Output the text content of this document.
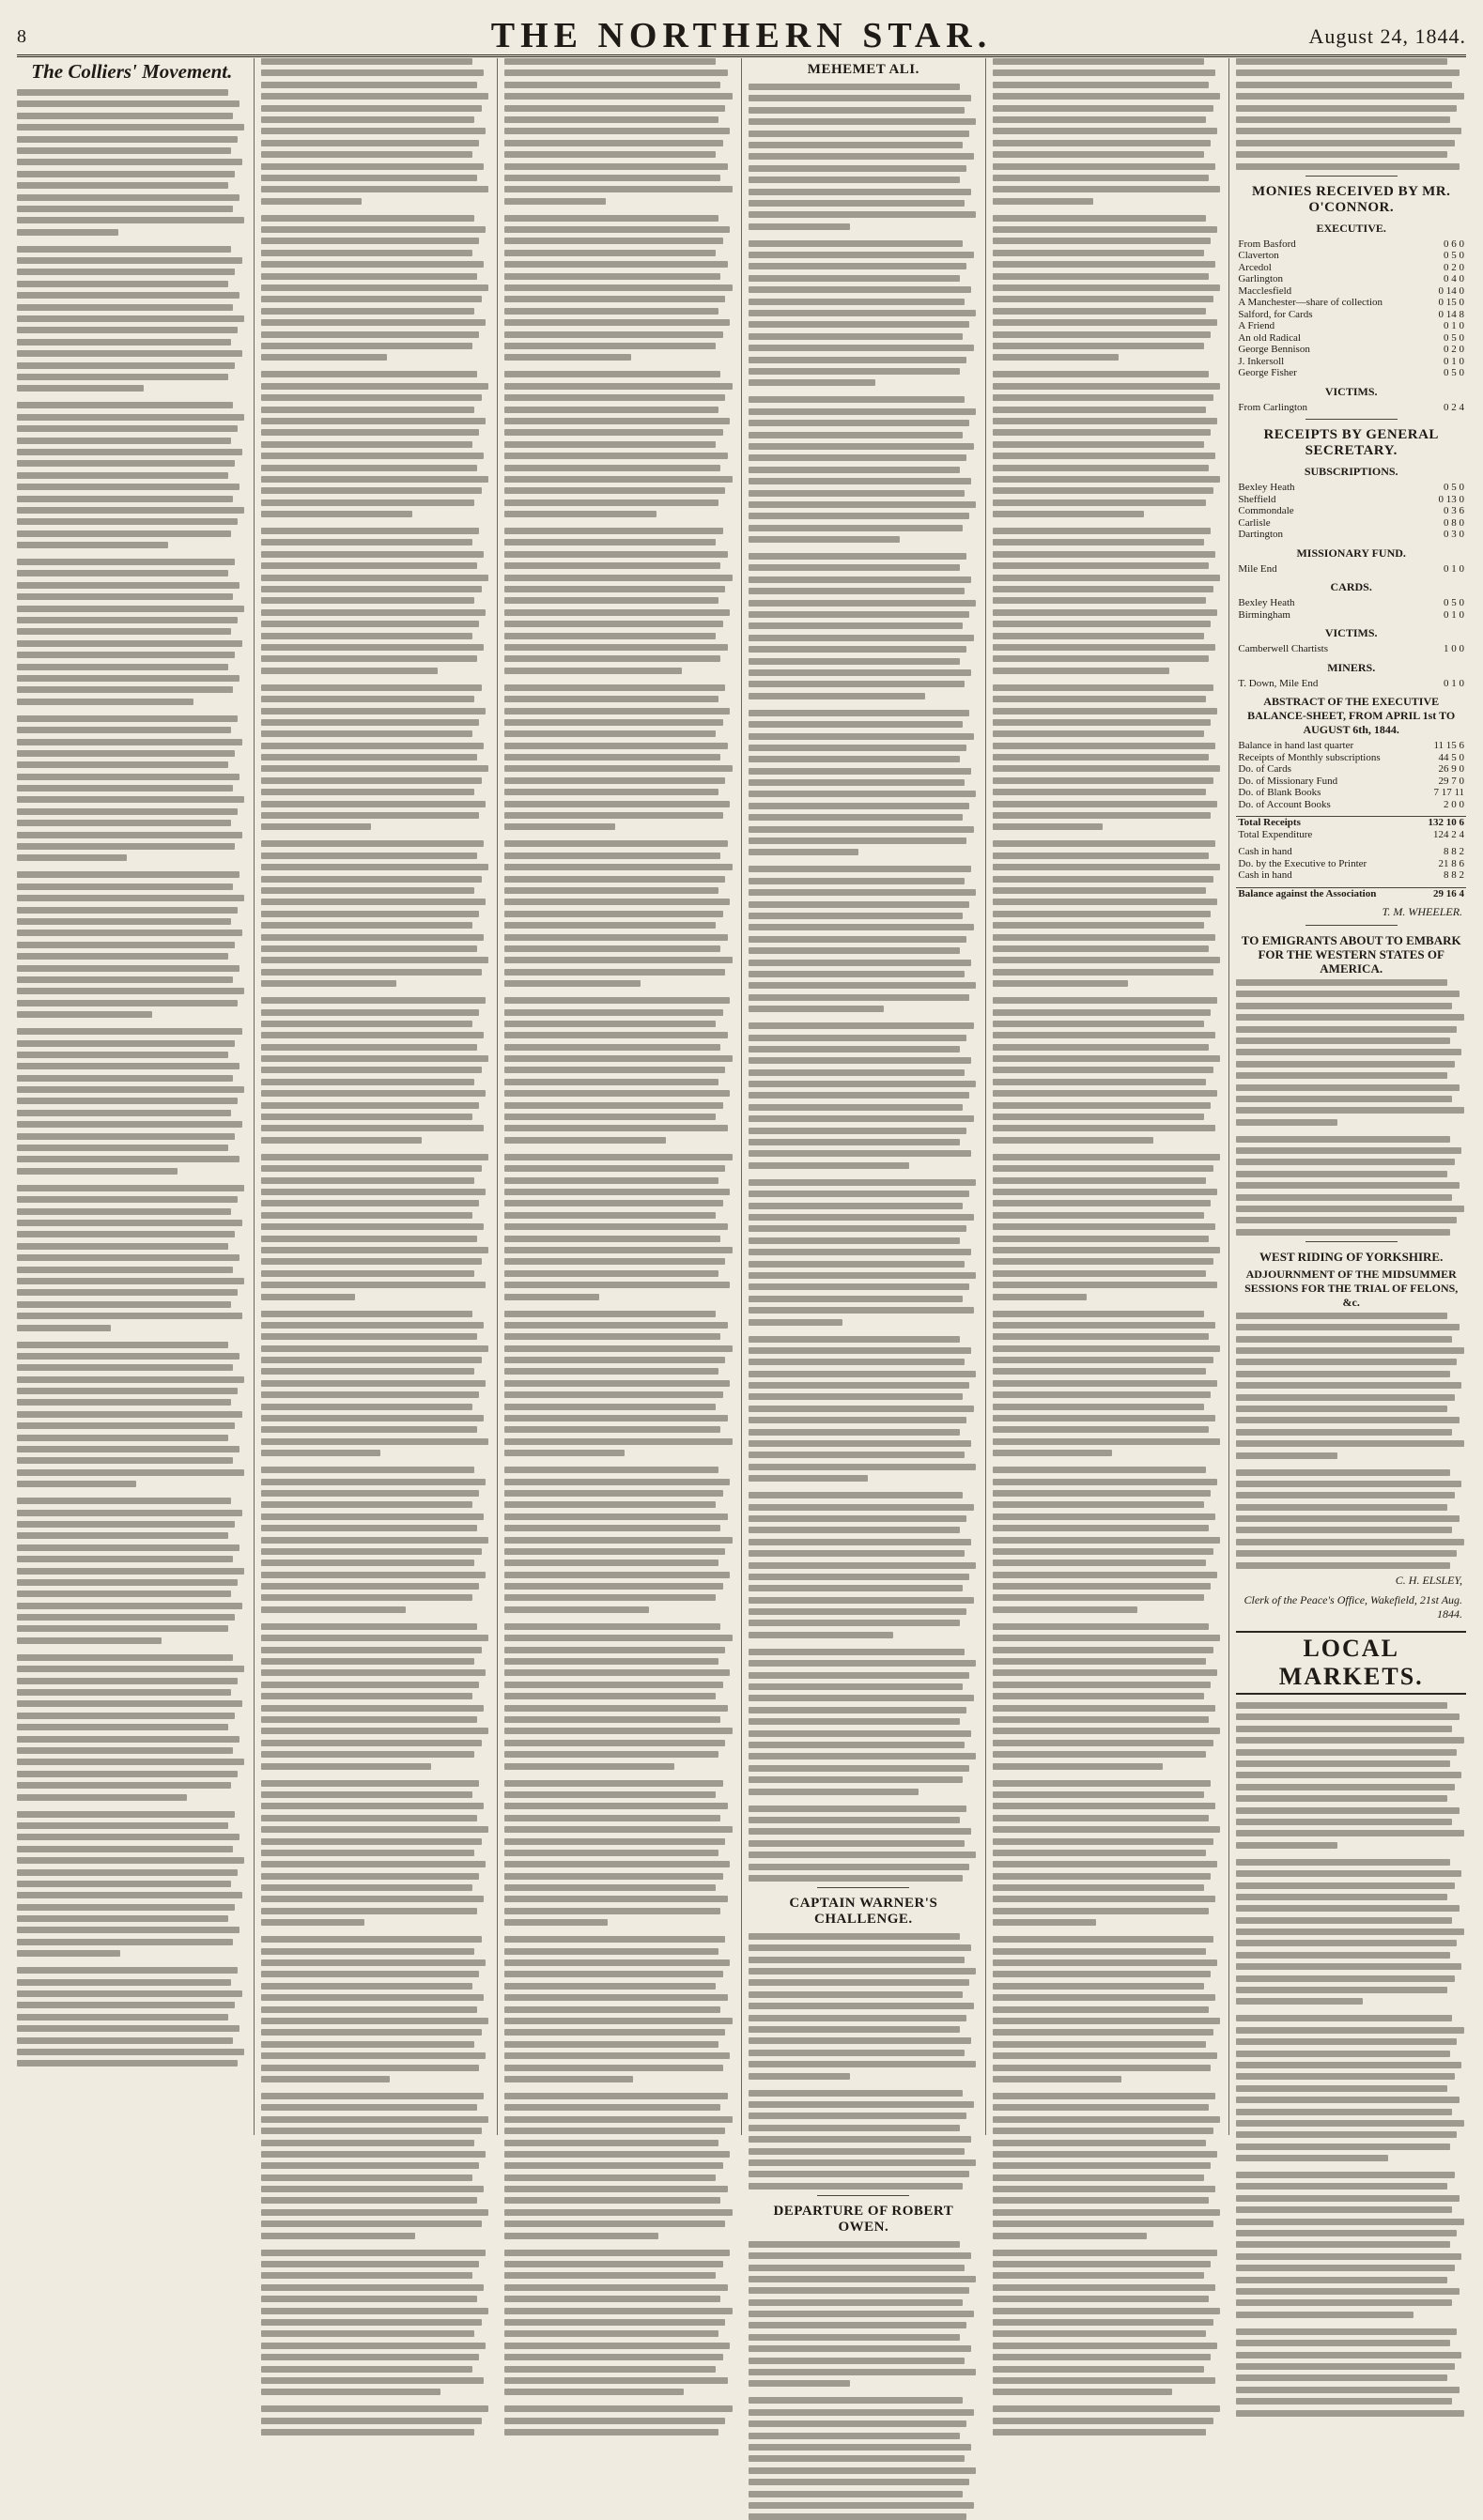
8	THE NORTHERN STAR.	August 24, 1844.
The Colliers' Movement.	MEHEMET ALI.
CAPTAIN WARNER'S CHALLENGE.
DEPARTURE OF ROBERT OWEN.
MONIES RECEIVED BY MR. O'CONNOR.
EXECUTIVE.
From Basford	0 6 0
Claverton	0 5 0
Arcedol	0 2 0
Garlington	0 4 0
Macclesfield	0 14 0
A Manchester—share of collection	0 15 0
Salford, for Cards	0 14 8
A Friend	0 1 0
An old Radical	0 5 0
George Bennison	0 2 0
J. Inkersoll	0 1 0
George Fisher	0 5 0
VICTIMS.
From Carlington	0 2 4
RECEIPTS BY GENERAL SECRETARY.
SUBSCRIPTIONS.
Bexley Heath	0 5 0
Sheffield	0 13 0
Commondale	0 3 6
Carlisle	0 8 0
Dartington	0 3 0
MISSIONARY FUND.
Mile End	0 1 0
CARDS.
Bexley Heath	0 5 0
Birmingham	0 1 0
VICTIMS.
Camberwell Chartists	1 0 0
MINERS.
T. Down, Mile End	0 1 0
ABSTRACT OF THE EXECUTIVE BALANCE-SHEET, FROM APRIL 1st TO AUGUST 6th, 1844.
Balance in hand last quarter	11 15 6
Receipts of Monthly subscriptions	44 5 0
Do. of Cards	26 9 0
Do. of Missionary Fund	29 7 0
Do. of Blank Books	7 17 11
Do. of Account Books	2 0 0
Total Receipts	132 10 6
Total Expenditure	124 2 4
Cash in hand	8 8 2
Do. by the Executive to Printer	21 8 6
Cash in hand	8 8 2
Balance against the Association	29 16 4
T. M. WHEELER.
TO EMIGRANTS ABOUT TO EMBARK FOR THE WESTERN STATES OF AMERICA.
WEST RIDING OF YORKSHIRE.
ADJOURNMENT OF THE MIDSUMMER SESSIONS FOR THE TRIAL OF FELONS, &c.
C. H. ELSLEY,
Clerk of the Peace's Office, Wakefield, 21st Aug. 1844.
LOCAL MARKETS.
